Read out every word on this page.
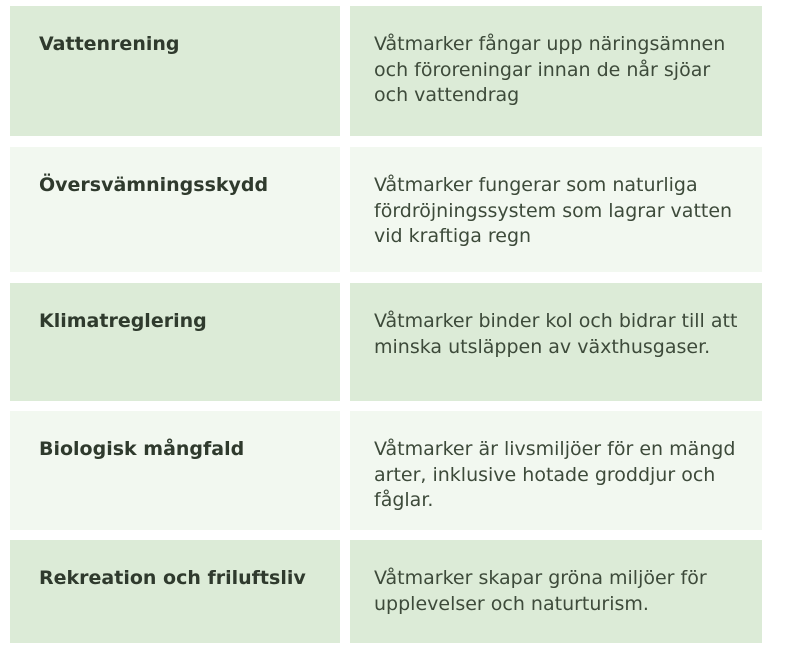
Vattenrening	Våtmarker fångar upp näringsämnen och föroreningar innan de når sjöar och vattendrag
Översvämningsskydd	Våtmarker fungerar som naturliga fördröjningssystem som lagrar vatten vid kraftiga regn
Klimatreglering	Våtmarker binder kol och bidrar till att minska utsläppen av växthusgaser.
Biologisk mångfald	Våtmarker är livsmiljöer för en mängd arter, inklusive hotade groddjur och fåglar.
Rekreation och friluftsliv	Våtmarker skapar gröna miljöer för upplevelser och naturturism.
